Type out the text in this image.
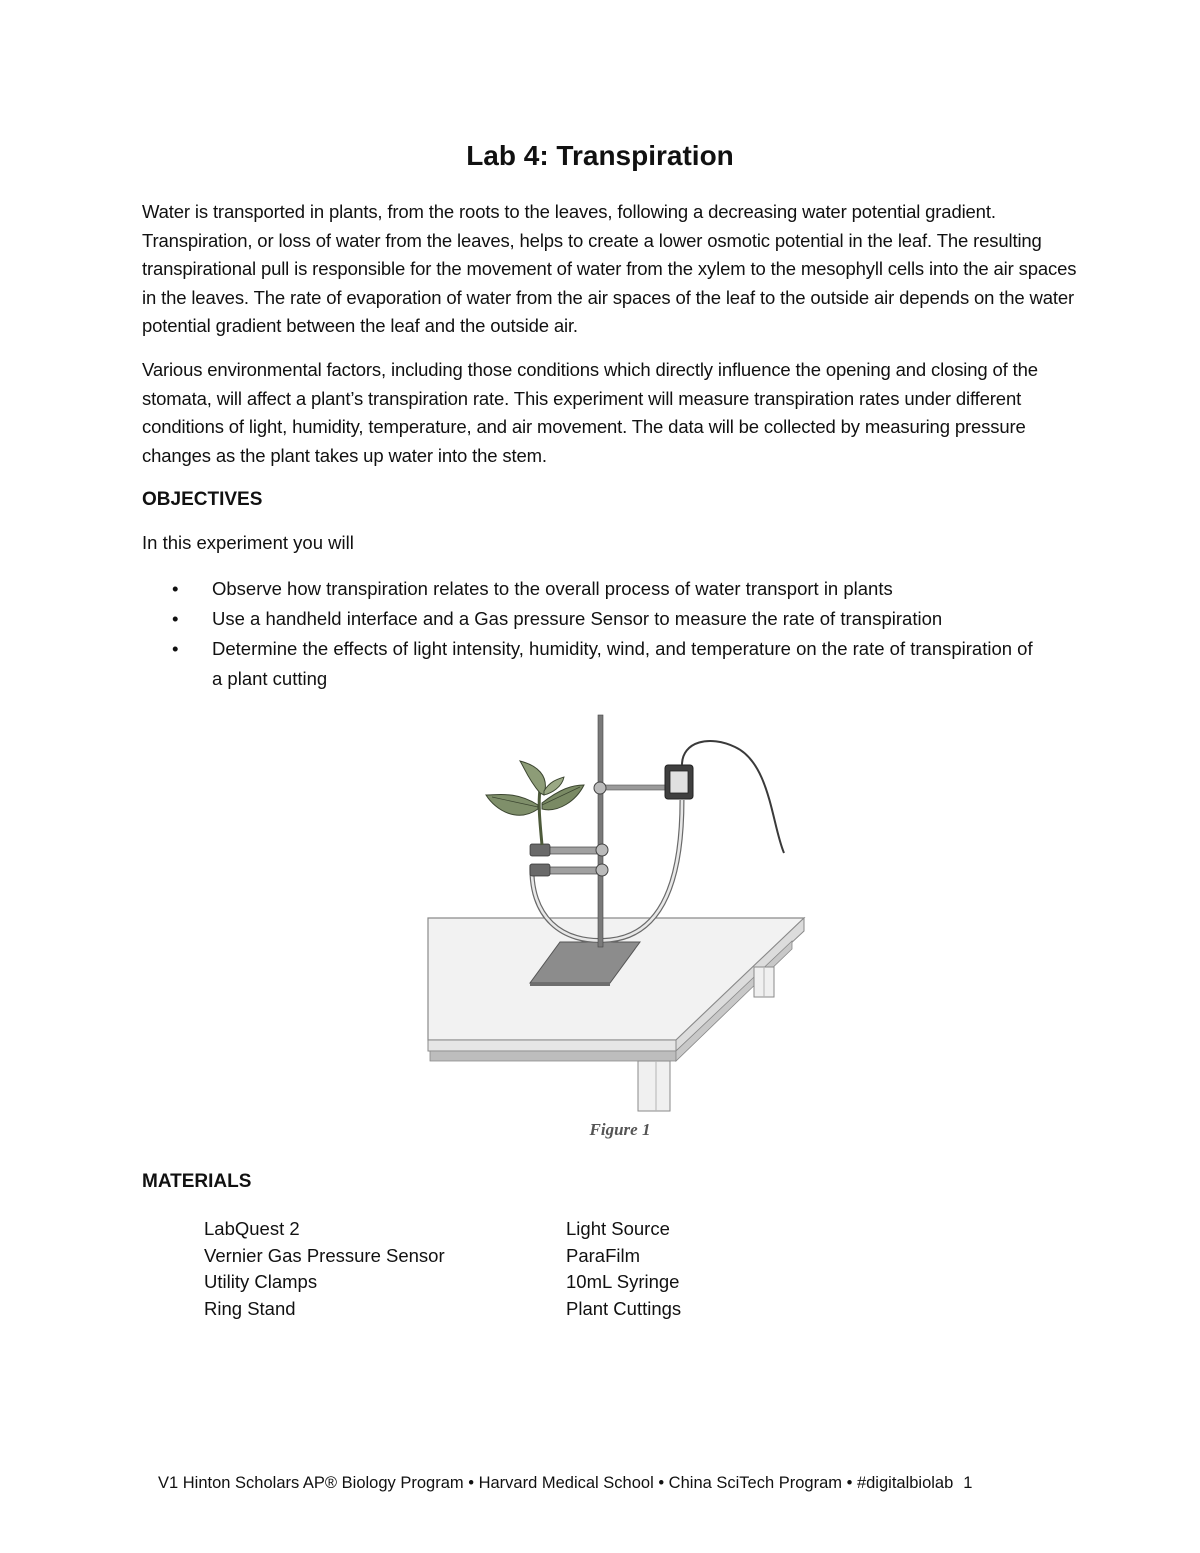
Lab 4: Transpiration

Water is transported in plants, from the roots to the leaves, following a decreasing water potential gradient. Transpiration, or loss of water from the leaves, helps to create a lower osmotic potential in the leaf. The resulting transpirational pull is responsible for the movement of water from the xylem to the mesophyll cells into the air spaces in the leaves. The rate of evaporation of water from the air spaces of the leaf to the outside air depends on the water potential gradient between the leaf and the outside air.

Various environmental factors, including those conditions which directly influence the opening and closing of the stomata, will affect a plant’s transpiration rate. This experiment will measure transpiration rates under different conditions of light, humidity, temperature, and air movement. The data will be collected by measuring pressure changes as the plant takes up water into the stem.

OBJECTIVES

In this experiment you will

• Observe how transpiration relates to the overall process of water transport in plants
• Use a handheld interface and a Gas pressure Sensor to measure the rate of transpiration
• Determine the effects of light intensity, humidity, wind, and temperature on the rate of transpiration of a plant cutting

Figure 1

MATERIALS
LabQuest 2
Vernier Gas Pressure Sensor
Utility Clamps
Ring Stand
Light Source
ParaFilm
10mL Syringe
Plant Cuttings

V1 Hinton Scholars AP® Biology Program • Harvard Medical School • China SciTech Program • #digitalbiolab 1
